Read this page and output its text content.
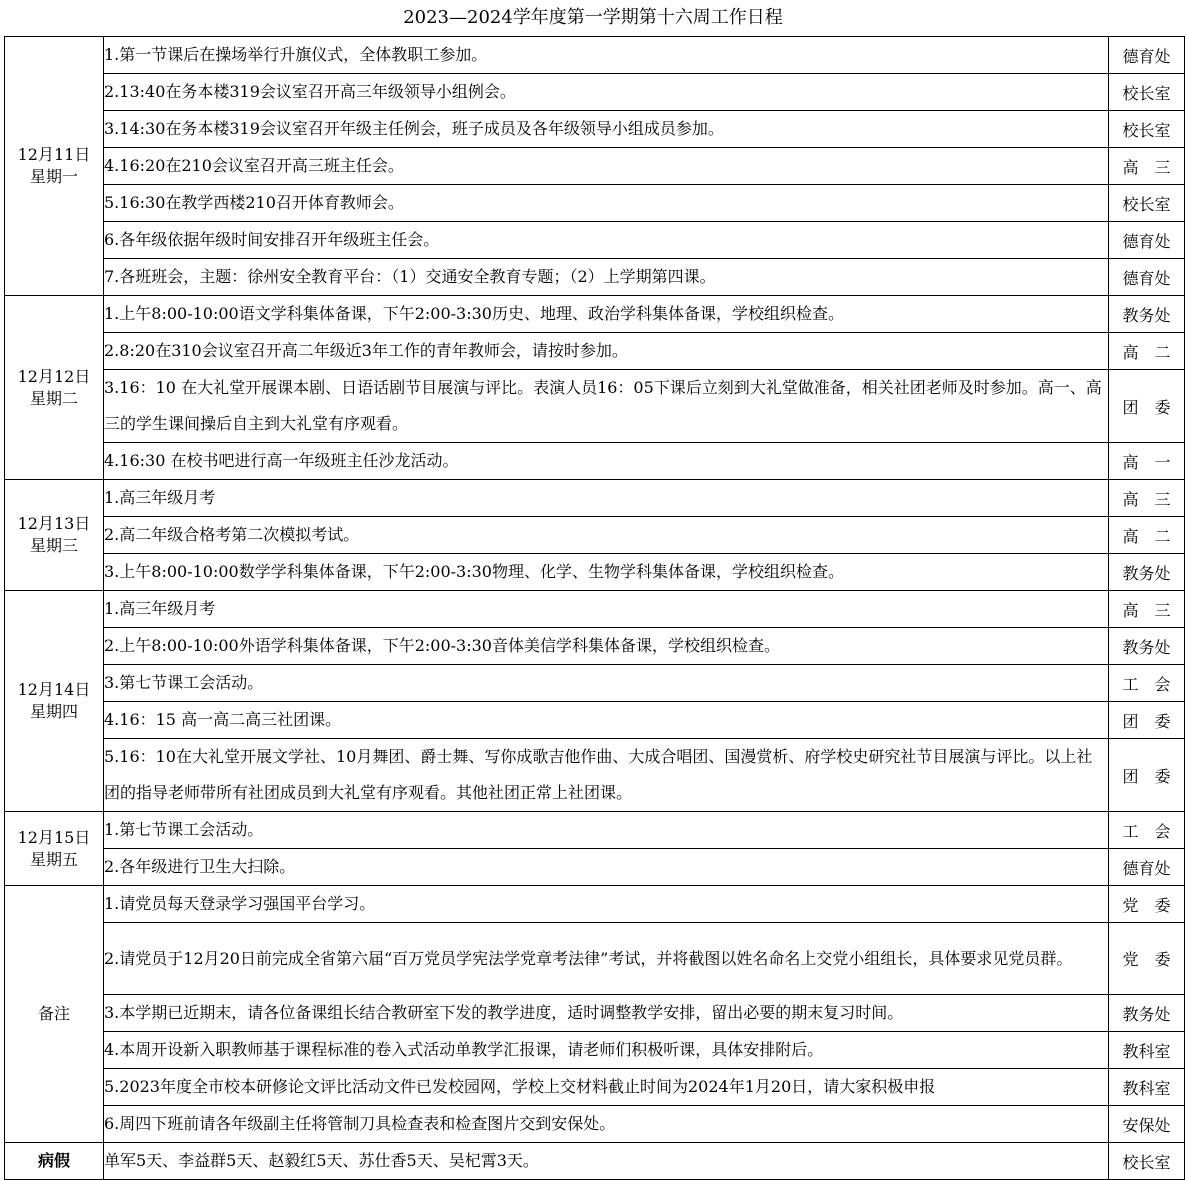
2023—2024学年度第一学期第十六周工作日程
12月11日
星期一	1.第一节课后在操场举行升旗仪式，全体教职工参加。	德育处
	2.13:40在务本楼319会议室召开高三年级领导小组例会。	校长室
	3.14:30在务本楼319会议室召开年级主任例会，班子成员及各年级领导小组成员参加。	校长室
	4.16:20在210会议室召开高三班主任会。	高　三
	5.16:30在教学西楼210召开体育教师会。	校长室
	6.各年级依据年级时间安排召开年级班主任会。	德育处
	7.各班班会，主题：徐州安全教育平台：（1）交通安全教育专题；（2）上学期第四课。	德育处

12月12日
星期二	1.上午8:00-10:00语文学科集体备课，下午2:00-3:30历史、地理、政治学科集体备课，学校组织检查。	教务处
	2.8:20在310会议室召开高二年级近3年工作的青年教师会，请按时参加。	高　二
	3.16：10 在大礼堂开展课本剧、日语话剧节目展演与评比。表演人员16：05下课后立刻到大礼堂做准备，相关社团老师及时参加。高一、高三的学生课间操后自主到大礼堂有序观看。	团　委
	4.16:30 在校书吧进行高一年级班主任沙龙活动。	高　一

12月13日
星期三	1.高三年级月考	高　三
	2.高二年级合格考第二次模拟考试。	高　二
	3.上午8:00-10:00数学学科集体备课，下午2:00-3:30物理、化学、生物学科集体备课，学校组织检查。	教务处

12月14日
星期四	1.高三年级月考	高　三
	2.上午8:00-10:00外语学科集体备课，下午2:00-3:30音体美信学科集体备课，学校组织检查。	教务处
	3.第七节课工会活动。	工　会
	4.16：15 高一高二高三社团课。	团　委
	5.16：10在大礼堂开展文学社、10月舞团、爵士舞、写你成歌吉他作曲、大成合唱团、国漫赏析、府学校史研究社节目展演与评比。以上社团的指导老师带所有社团成员到大礼堂有序观看。其他社团正常上社团课。	团　委

12月15日
星期五	1.第七节课工会活动。	工　会
	2.各年级进行卫生大扫除。	德育处
备注	1.请党员每天登录学习强国平台学习。	党　委
	2.请党员于12月20日前完成全省第六届“百万党员学宪法学党章考法律”考试，并将截图以姓名命名上交党小组组长，具体要求见党员群。	党　委
	3.本学期已近期末，请各位备课组长结合教研室下发的教学进度，适时调整教学安排，留出必要的期末复习时间。	教务处
	4.本周开设新入职教师基于课程标准的卷入式活动单教学汇报课，请老师们积极听课，具体安排附后。	教科室
	5.2023年度全市校本研修论文评比活动文件已发校园网，学校上交材料截止时间为2024年1月20日，请大家积极申报	教科室
	6.周四下班前请各年级副主任将管制刀具检查表和检查图片交到安保处。	安保处
病假	单军5天、李益群5天、赵毅红5天、苏仕香5天、吴杞霄3天。	校长室
